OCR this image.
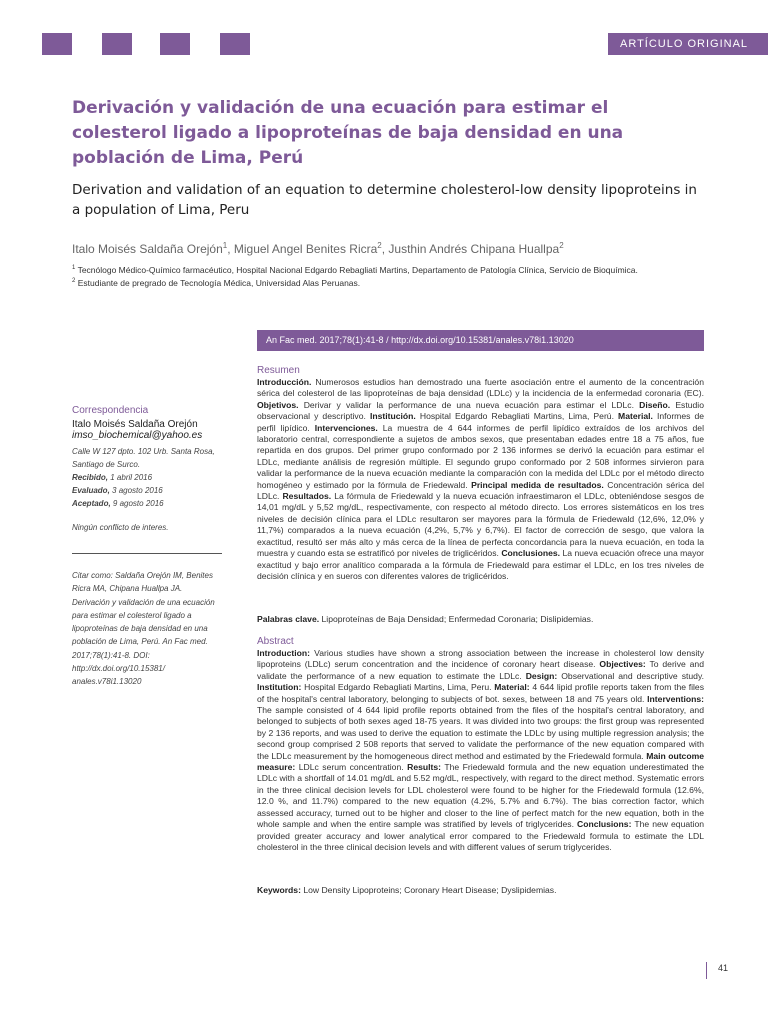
ARTÍCULO ORIGINAL
Derivación y validación de una ecuación para estimar el colesterol ligado a lipoproteínas de baja densidad en una población de Lima, Perú
Derivation and validation of an equation to determine cholesterol-low density lipoproteins in a population of Lima, Peru
Italo Moisés Saldaña Orejón$^1$, Miguel Angel Benites Ricra$^2$, Justhin Andrés Chipana Huallpa$^2$
$^1$ Tecnólogo Médico-Químico farmacéutico, Hospital Nacional Edgardo Rebagliati Martins, Departamento de Patología Clínica, Servicio de Bioquímica.
$^2$ Estudiante de pregrado de Tecnología Médica, Universidad Alas Peruanas.
An Fac med. 2017;78(1):41-8 / http://dx.doi.org/10.15381/anales.v78i1.13020
Correspondencia
Italo Moisés Saldaña Orejón
imso_biochemical@yahoo.es
Calle W 127 dpto. 102 Urb. Santa Rosa, Santiago de Surco.
Recibido, 1 abril 2016
Evaluado, 3 agosto 2016
Aceptado, 9 agosto 2016
Ningún conflicto de interes.
Citar como: Saldaña Orejón IM, Benites Ricra MA, Chipana Huallpa JA. Derivación y validación de una ecuación para estimar el colesterol ligado a lipoproteínas de baja densidad en una población de Lima, Perú. An Fac med. 2017;78(1):41-8. DOI: http://dx.doi.org/10.15381/ anales.v78i1.13020
Resumen
Introducción. Numerosos estudios han demostrado una fuerte asociación entre el aumento de la concentración sérica del colesterol de las lipoproteínas de baja densidad (LDLc) y la incidencia de la enfermedad coronaria (EC). Objetivos. Derivar y validar la performance de una nueva ecuación para estimar el LDLc. Diseño. Estudio observacional y descriptivo. Institución. Hospital Edgardo Rebagliati Martins, Lima, Perú. Material. Informes de perfil lipídico. Intervenciones. La muestra de 4 644 informes de perfil lipídico extraídos de los archivos del laboratorio central, correspondiente a sujetos de ambos sexos, que presentaban edades entre 18 a 75 años, fue repartida en dos grupos. Del primer grupo conformado por 2 136 informes se derivó la ecuación para estimar el LDLc, mediante análisis de regresión múltiple. El segundo grupo conformado por 2 508 informes sirvieron para validar la performance de la nueva ecuación mediante la comparación con la medida del LDLc por el método directo homogéneo y estimado por la fórmula de Friedewald. Principal medida de resultados. Concentración sérica del LDLc. Resultados. La fórmula de Friedewald y la nueva ecuación infraestimaron el LDLc, obteniéndose sesgos de 14,01 mg/dL y 5,52 mg/dL, respectivamente, con respecto al método directo. Los errores sistemáticos en los tres niveles de decisión clínica para el LDLc resultaron ser mayores para la fórmula de Friedewald (12,6%, 12,0% y 11,7%) comparados a la nueva ecuación (4,2%, 5,7% y 6,7%). El factor de corrección de sesgo, que valora la exactitud, resultó ser más alto y más cerca de la línea de perfecta concordancia para la nueva ecuación, en toda la muestra y cuando esta se estratificó por niveles de triglicéridos. Conclusiones. La nueva ecuación ofrece una mayor exactitud y bajo error analítico comparada a la fórmula de Friedewald para estimar el LDLc, en los tres niveles de decisión clínica y en sueros con diferentes valores de triglicéridos.
Palabras clave. Lipoproteínas de Baja Densidad; Enfermedad Coronaria; Dislipidemias.
Abstract
Introduction: Various studies have shown a strong association between the increase in cholesterol low density lipoproteins (LDLc) serum concentration and the incidence of coronary heart disease. Objectives: To derive and validate the performance of a new equation to estimate the LDLc. Design: Observational and descriptive study. Institution: Hospital Edgardo Rebagliati Martins, Lima, Peru. Material: 4 644 lipid profile reports taken from the files of the hospital's central laboratory, belonging to subjects of bot. sexes, between 18 and 75 years old. Interventions: The sample consisted of 4 644 lipid profile reports obtained from the files of the hospital's central laboratory, and belonged to subjects of both sexes aged 18-75 years. It was divided into two groups: the first group was represented by 2 136 reports, and was used to derive the equation to estimate the LDLc by using multiple regression analysis; the second group comprised 2 508 reports that served to validate the performance of the new equation compared with the LDLc measurement by the homogeneous direct method and estimated by the Friedewald formula. Main outcome measure: LDLc serum concentration. Results: The Friedewald formula and the new equation underestimated the LDLc with a shortfall of 14.01 mg/dL and 5.52 mg/dL, respectively, with regard to the direct method. Systematic errors in the three clinical decision levels for LDL cholesterol were found to be higher for the Friedewald formula (12.6%, 12.0 %, and 11.7%) compared to the new equation (4.2%, 5.7% and 6.7%). The bias correction factor, which assessed accuracy, turned out to be higher and closer to the line of perfect match for the new equation, both in the whole sample and when the entire sample was stratified by levels of triglycerides. Conclusions: The new equation provided greater accuracy and lower analytical error compared to the Friedewald formula to estimate the LDL cholesterol in the three clinical decision levels and with different values of serum triglycerides.
Keywords: Low Density Lipoproteins; Coronary Heart Disease; Dyslipidemias.
41
